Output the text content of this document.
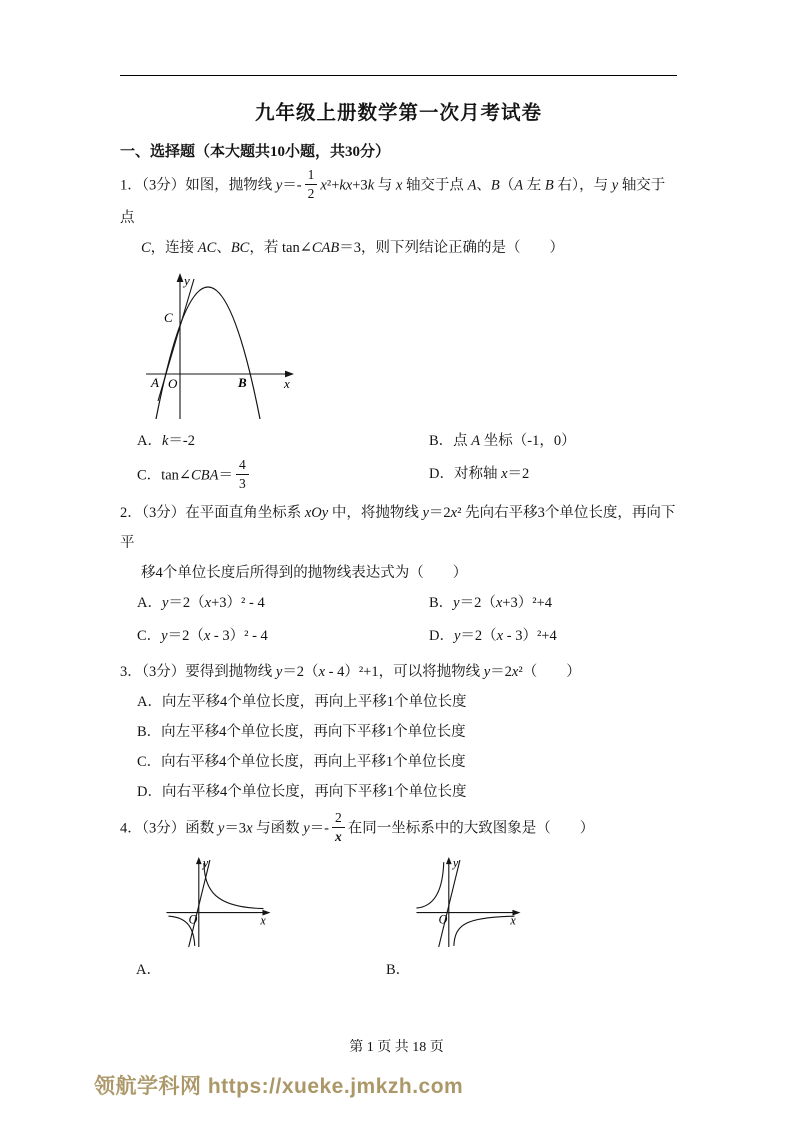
九年级上册数学第一次月考试卷
一、选择题（本大题共10小题，共30分）
1．（3分）如图，抛物线 $y=- \frac{1}{2} x^2+kx+3k$ 与 x 轴交于点 A、B（A 左 B 右），与 y 轴交于点
C，连接 AC、BC，若 tan∠CAB＝3，则下列结论正确的是（　　）
y
x
O
A	B
C
A．k＝-2	B．点 A 坐标（-1，0）
C．tan∠CBA＝ $\frac{4}{3}$	D．对称轴 x＝2
2．（3分）在平面直角坐标系 xOy 中，将抛物线 y＝2x² 先向右平移3个单位长度，再向下平
移4个单位长度后所得到的抛物线表达式为（　　）
A．y＝2（x+3）² - 4	B．y＝2（x+3）²+4
C．y＝2（x - 3）² - 4	D．y＝2（x - 3）²+4
3．（3分）要得到抛物线 y＝2（x - 4）²+1，可以将抛物线 y＝2x²（　　）
A．向左平移4个单位长度，再向上平移1个单位长度
B．向左平移4个单位长度，再向下平移1个单位长度
C．向右平移4个单位长度，再向上平移1个单位长度
D．向右平移4个单位长度，再向下平移1个单位长度
4．（3分）函数 y＝3x 与函数 $y=- \frac{2}{x}$ 在同一坐标系中的大致图象是（　　）
y
x
O
A．
y
x
O
B．
第 1 页 共 18 页
领航学科网 https://xueke.jmkzh.com
